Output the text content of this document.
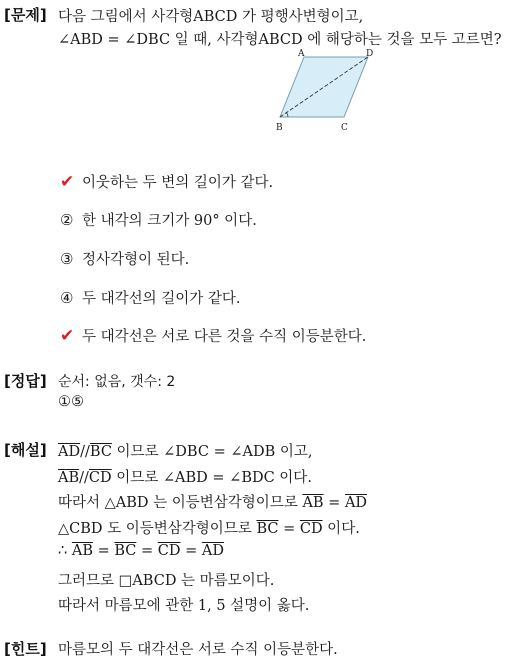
[문제] 다음 그림에서 사각형ABCD 가 평행사변형이고,
∠ABD = ∠DBC 일 때, 사각형ABCD 에 해당하는 것을 모두 고르면?
A	D
B	C
✔ 이웃하는 두 변의 길이가 같다.
② 한 내각의 크기가 90° 이다.
③ 정사각형이 된다.
④ 두 대각선의 길이가 같다.
✔ 두 대각선은 서로 다른 것을 수직 이등분한다.
[정답] 순서: 없음, 갯수: 2
①⑤
[해설] $\overline{AD}//\overline{BC}$ 이므로 ∠DBC = ∠ADB 이고,
$\overline{AB}//\overline{CD}$ 이므로 ∠ABD = ∠BDC 이다.
따라서 △ABD 는 이등변삼각형이므로 $\overline{AB} = \overline{AD}$
△CBD 도 이등변삼각형이므로 $\overline{BC} = \overline{CD}$ 이다.
∴ $\overline{AB} = \overline{BC} = \overline{CD} = \overline{AD}$
그러므로 □ABCD 는 마름모이다.
따라서 마름모에 관한 1, 5 설명이 옳다.
[힌트] 마름모의 두 대각선은 서로 수직 이등분한다.
